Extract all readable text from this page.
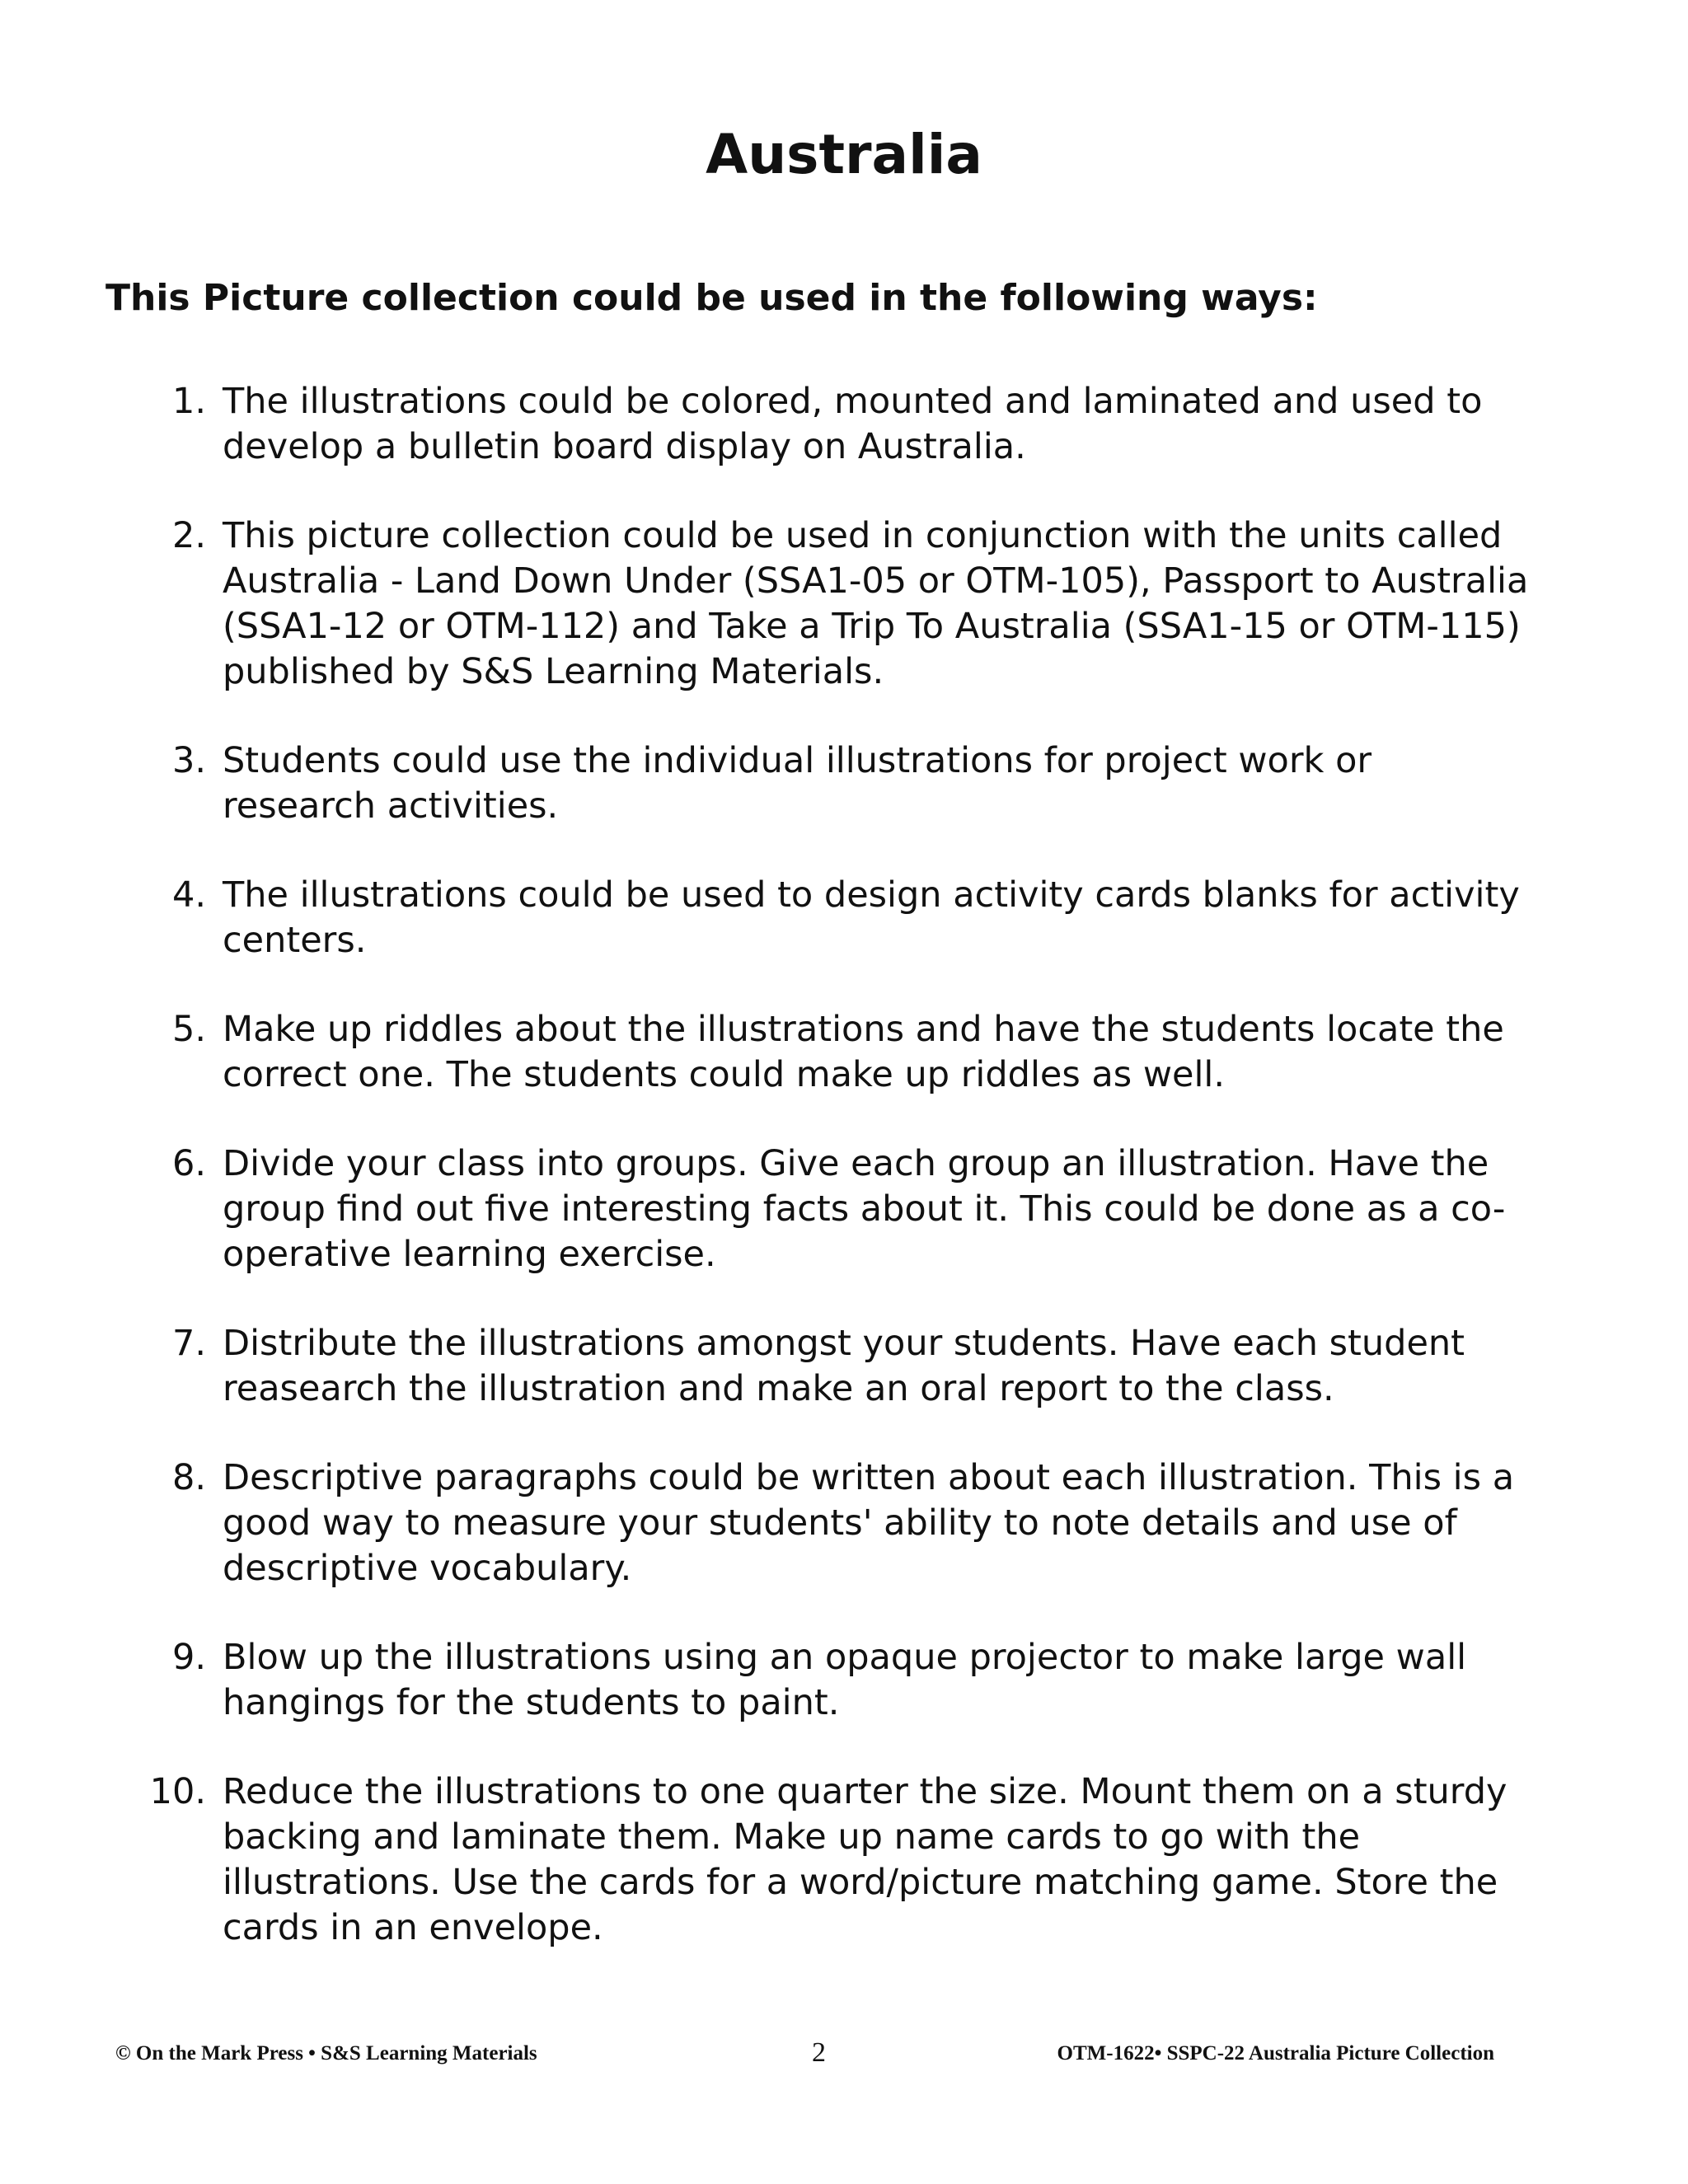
Australia
This Picture collection could be used in the following ways:
1. The illustrations could be colored, mounted and laminated and used to develop a bulletin board display on Australia.
2. This picture collection could be used in conjunction with the units called Australia - Land Down Under (SSA1-05 or OTM-105), Passport to Australia (SSA1-12 or OTM-112) and Take a Trip To Australia (SSA1-15 or OTM-115) published by S&S Learning Materials.
3. Students could use the individual illustrations for project work or research activities.
4. The illustrations could be used to design activity cards blanks for activity centers.
5. Make up riddles about the illustrations and have the students locate the correct one. The students could make up riddles as well.
6. Divide your class into groups. Give each group an illustration. Have the group find out five interesting facts about it. This could be done as a co-operative learning exercise.
7. Distribute the illustrations amongst your students. Have each student reasearch the illustration and make an oral report to the class.
8. Descriptive paragraphs could be written about each illustration. This is a good way to measure your students' ability to note details and use of descriptive vocabulary.
9. Blow up the illustrations using an opaque projector to make large wall hangings for the students to paint.
10. Reduce the illustrations to one quarter the size. Mount them on a sturdy backing and laminate them. Make up name cards to go with the illustrations. Use the cards for a word/picture matching game. Store the cards in an envelope.
© On the Mark Press • S&S Learning Materials	2	OTM-1622• SSPC-22 Australia Picture Collection
